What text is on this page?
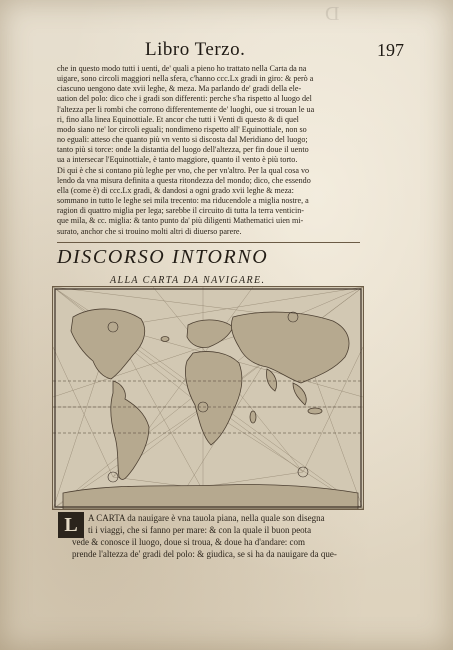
D
Libro Terzo.	197
che in questo modo tutti i uenti, de' quali a pieno ho trattato nella Carta da na
uigare, sono circoli maggiori nella sfera, c'hanno ccc.Lx gradi in giro: & però a
ciascuno uengono date xvii leghe, & meza. Ma parlando de' gradi della ele-
uation del polo: dico che i gradi son differenti: perche s'ha rispetto al luogo del
l'altezza per li rombi che corrono differentemente de' luoghi, oue si trouan le ua
ri, fino alla linea Equinottiale. Et ancor che tutti i Venti di questo & di quel
modo siano ne' lor circoli eguali; nondimeno rispetto all' Equinottiale, non so
no eguali: atteso che quanto più vn vento si discosta dal Meridiano del luogo;
tanto più si torce: onde la distantia del luogo dell'altezza, per fin doue il uento
ua a intersecar l'Equinottiale, è tanto maggiore, quanto il vento è più torto.
Di qui è che si contano più leghe per vno, che per vn'altro. Per la qual cosa vo
lendo da vna misura definita a questa ritondezza del mondo; dico, che essendo
ella (come è) di ccc.Lx gradi, & dandosi a ogni grado xvii leghe & meza:
sommano in tutto le leghe sei mila trecento: ma riducendole a miglia nostre, a
ragion di quattro miglia per lega; sarebbe il circuito di tutta la terra venticin-
que mila, & cc. miglia: & tanto punto da' più diligenti Mathematici uien mi-
surato, anchor che si trouino molti altri di diuerso parere.
DISCORSO INTORNO
ALLA CARTA DA NAVIGARE.
L	A CARTA da nauigare è vna tauola piana, nella quale son disegna
ti i viaggi, che si fanno per mare: & con la quale il buon peota
vede & conosce il luogo, doue si troua, & doue ha d'andare: com
prende l'altezza de' gradi del polo: & giudica, se si ha da nauigare da que-
